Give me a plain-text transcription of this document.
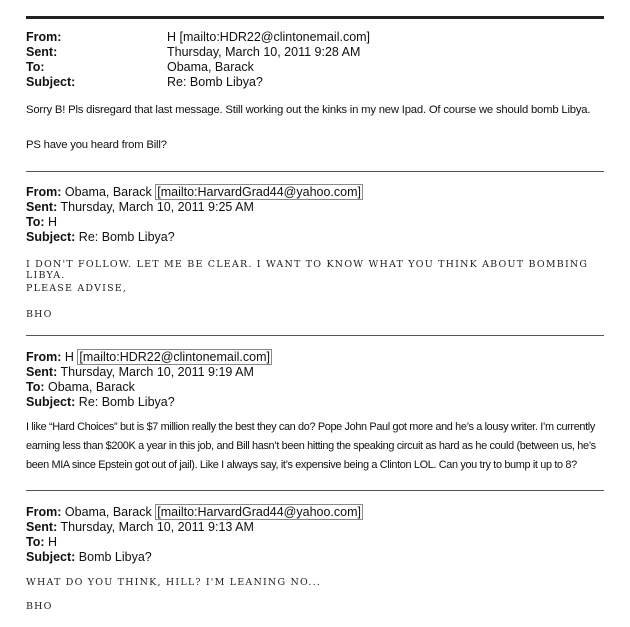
From:	H [mailto:HDR22@clintonemail.com]
Sent:	Thursday, March 10, 2011 9:28 AM
To:	Obama, Barack
Subject:	Re: Bomb Libya?
Sorry B! Pls disregard that last message. Still working out the kinks in my new Ipad. Of course we should bomb Libya.
PS have you heard from Bill?
From: Obama, Barack [mailto:HarvardGrad44@yahoo.com]
Sent: Thursday, March 10, 2011 9:25 AM
To: H
Subject: Re: Bomb Libya?
I DON'T FOLLOW. LET ME BE CLEAR. I WANT TO KNOW WHAT YOU THINK ABOUT BOMBING LIBYA.
PLEASE ADVISE,
BHO
From: H [mailto:HDR22@clintonemail.com]
Sent: Thursday, March 10, 2011 9:19 AM
To: Obama, Barack
Subject: Re: Bomb Libya?
I like “Hard Choices” but is $7 million really the best they can do? Pope John Paul got more and he’s a lousy writer. I’m currently
earning less than $200K a year in this job, and Bill hasn’t been hitting the speaking circuit as hard as he could (between us, he’s
been MIA since Epstein got out of jail). Like I always say, it’s expensive being a Clinton LOL. Can you try to bump it up to 8?
From: Obama, Barack [mailto:HarvardGrad44@yahoo.com]
Sent: Thursday, March 10, 2011 9:13 AM
To: H
Subject: Bomb Libya?
WHAT DO YOU THINK, HILL? I'M LEANING NO...
BHO
